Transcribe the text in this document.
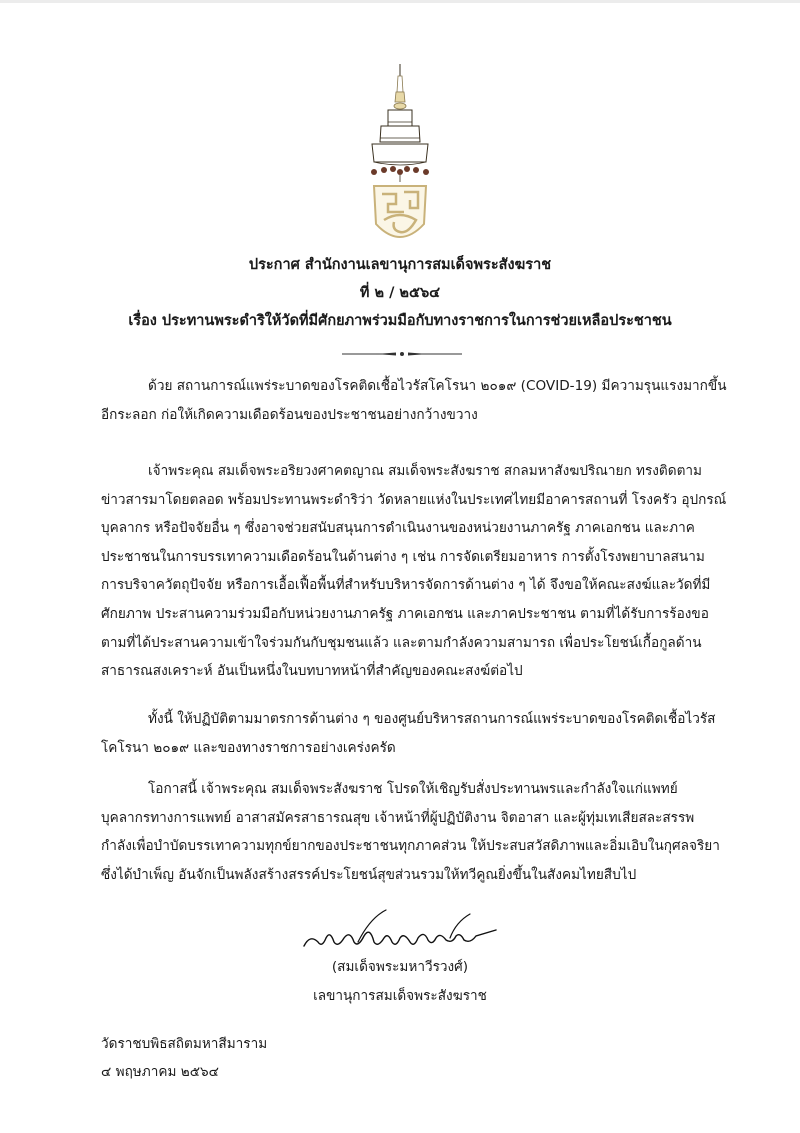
ประกาศ สำนักงานเลขานุการสมเด็จพระสังฆราช
ที่ ๒ / ๒๕๖๔
เรื่อง ประทานพระดำริให้วัดที่มีศักยภาพร่วมมือกับทางราชการในการช่วยเหลือประชาชน
ด้วย สถานการณ์แพร่ระบาดของโรคติดเชื้อไวรัสโคโรนา ๒๐๑๙ (COVID-19) มีความรุนแรงมากขึ้น
อีกระลอก ก่อให้เกิดความเดือดร้อนของประชาชนอย่างกว้างขวาง
เจ้าพระคุณ สมเด็จพระอริยวงศาคตญาณ สมเด็จพระสังฆราช สกลมหาสังฆปริณายก ทรงติดตาม
ข่าวสารมาโดยตลอด พร้อมประทานพระดำริว่า วัดหลายแห่งในประเทศไทยมีอาคารสถานที่ โรงครัว อุปกรณ์
บุคลากร หรือปัจจัยอื่น ๆ ซึ่งอาจช่วยสนับสนุนการดำเนินงานของหน่วยงานภาครัฐ ภาคเอกชน และภาค
ประชาชนในการบรรเทาความเดือดร้อนในด้านต่าง ๆ เช่น การจัดเตรียมอาหาร การตั้งโรงพยาบาลสนาม
การบริจาควัตถุปัจจัย หรือการเอื้อเฟื้อพื้นที่สำหรับบริหารจัดการด้านต่าง ๆ ได้ จึงขอให้คณะสงฆ์และวัดที่มี
ศักยภาพ ประสานความร่วมมือกับหน่วยงานภาครัฐ ภาคเอกชน และภาคประชาชน ตามที่ได้รับการร้องขอ
ตามที่ได้ประสานความเข้าใจร่วมกันกับชุมชนแล้ว และตามกำลังความสามารถ เพื่อประโยชน์เกื้อกูลด้าน
สาธารณสงเคราะห์ อันเป็นหนึ่งในบทบาทหน้าที่สำคัญของคณะสงฆ์ต่อไป
ทั้งนี้ ให้ปฏิบัติตามมาตรการด้านต่าง ๆ ของศูนย์บริหารสถานการณ์แพร่ระบาดของโรคติดเชื้อไวรัส
โคโรนา ๒๐๑๙ และของทางราชการอย่างเคร่งครัด
โอกาสนี้ เจ้าพระคุณ สมเด็จพระสังฆราช โปรดให้เชิญรับสั่งประทานพรและกำลังใจแก่แพทย์
บุคลากรทางการแพทย์ อาสาสมัครสาธารณสุข เจ้าหน้าที่ผู้ปฏิบัติงาน จิตอาสา และผู้ทุ่มเทเสียสละสรรพ
กำลังเพื่อบำบัดบรรเทาความทุกข์ยากของประชาชนทุกภาคส่วน ให้ประสบสวัสดิภาพและอิ่มเอิบในกุศลจริยา
ซึ่งได้บำเพ็ญ อันจักเป็นพลังสร้างสรรค์ประโยชน์สุขส่วนรวมให้ทวีคูณยิ่งขึ้นในสังคมไทยสืบไป
(สมเด็จพระมหาวีรวงศ์)
เลขานุการสมเด็จพระสังฆราช
วัดราชบพิธสถิตมหาสีมาราม
๔ พฤษภาคม ๒๕๖๔
